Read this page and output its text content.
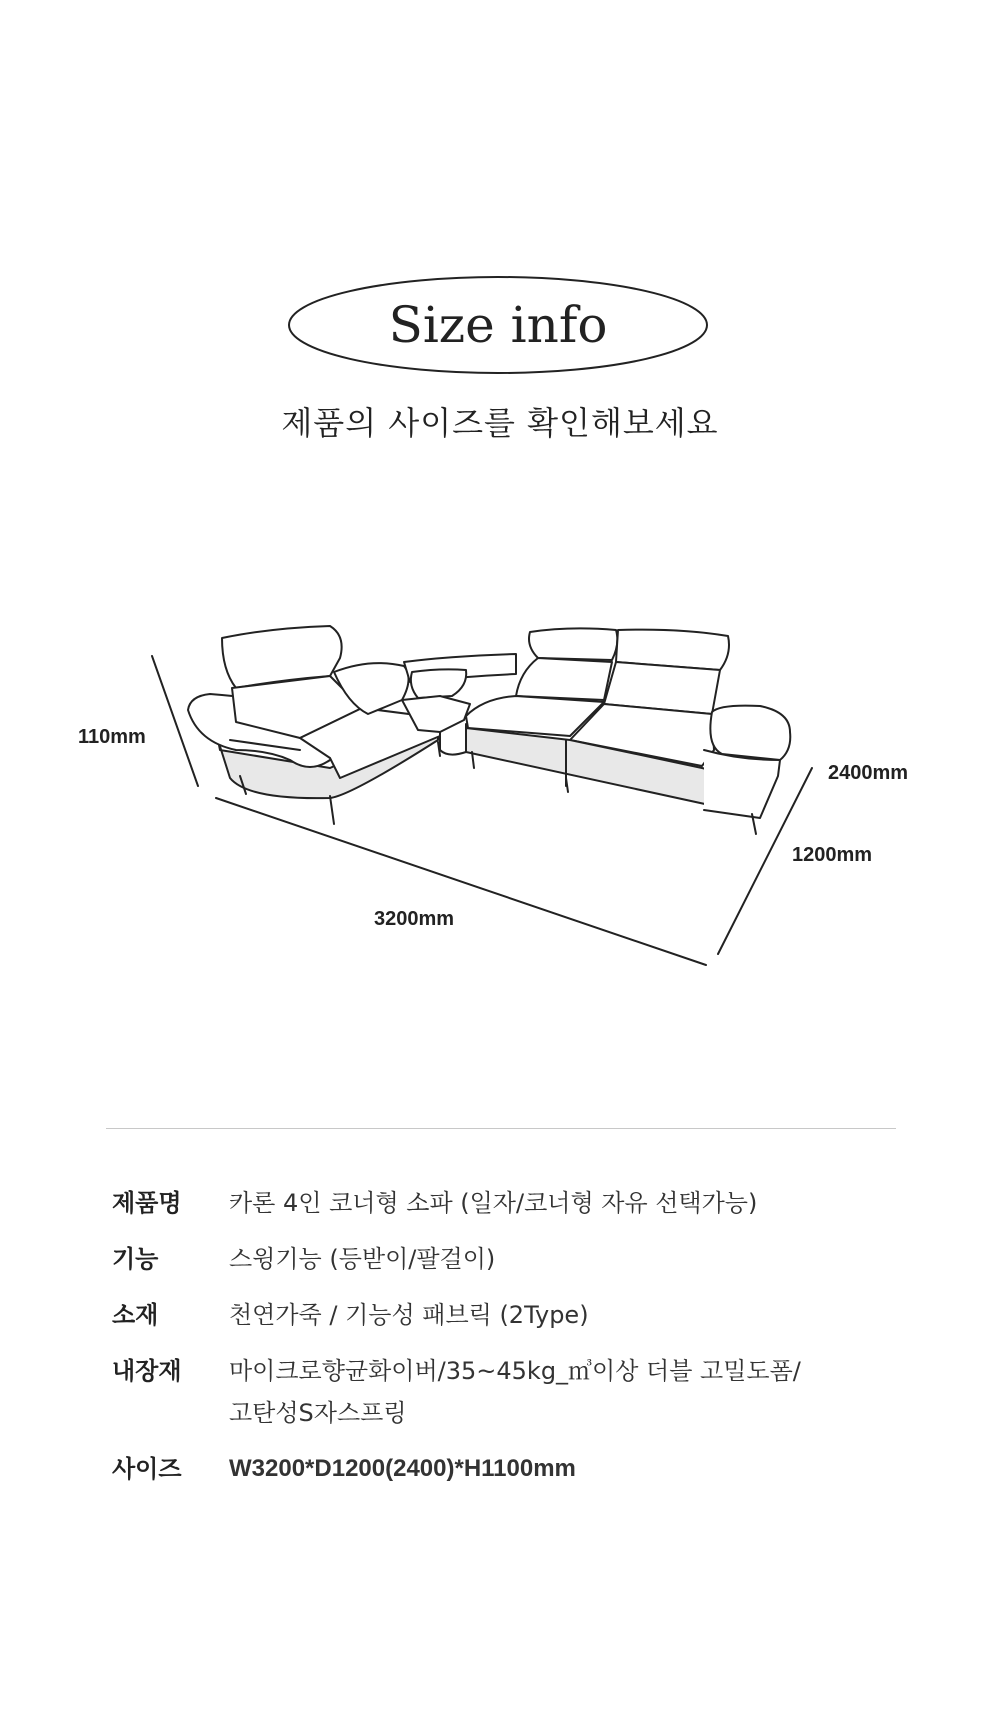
Size info
제품의 사이즈를 확인해보세요
110mm
3200mm
1200mm
2400mm
제품명	카론 4인 코너형 소파 (일자/코너형 자유 선택가능)
기능	스윙기능 (등받이/팔걸이)
소재	천연가죽 / 기능성 패브릭 (2Type)
내장재	마이크로향균화이버/35~45kg_㎥이상 더블 고밀도폼/
고탄성S자스프링
사이즈	W3200*D1200(2400)*H1100mm
